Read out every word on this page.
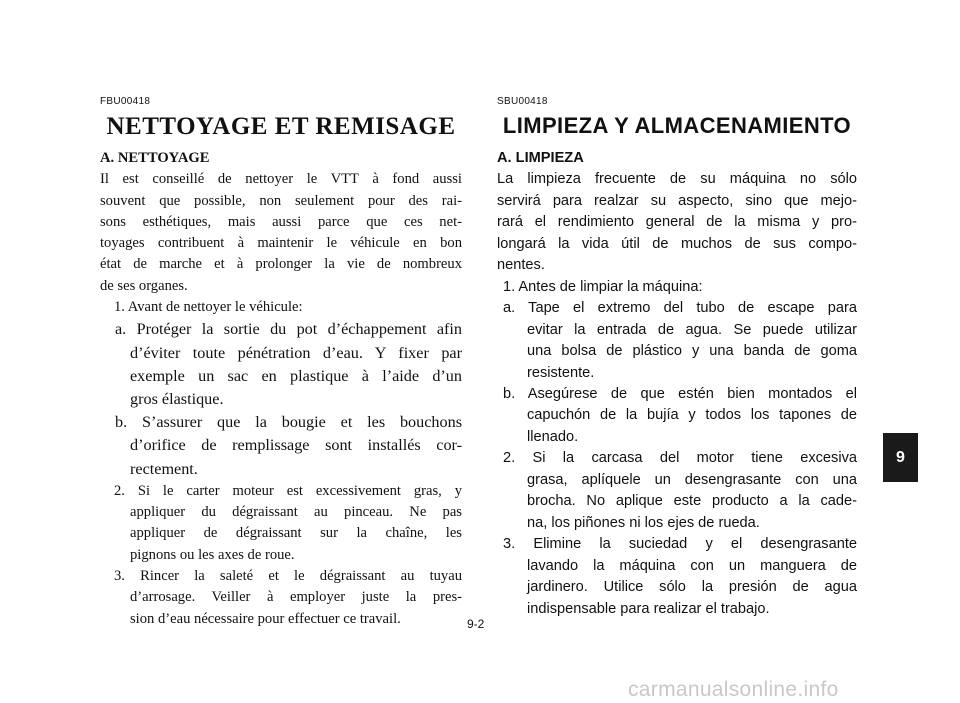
FBU00418
NETTOYAGE ET REMISAGE
A. NETTOYAGE
Il est conseillé de nettoyer le VTT à fond aussi
souvent que possible, non seulement pour des rai-
sons esthétiques, mais aussi parce que ces net-
toyages contribuent à maintenir le véhicule en bon
état de marche et à prolonger la vie de nombreux
de ses organes.
1. Avant de nettoyer le véhicule:
a. Protéger la sortie du pot d’échappement afin
d’éviter toute pénétration d’eau. Y fixer par
exemple un sac en plastique à l’aide d’un
gros élastique.
b. S’assurer que la bougie et les bouchons
d’orifice de remplissage sont installés cor-
rectement.
2. Si le carter moteur est excessivement gras, y
appliquer du dégraissant au pinceau. Ne pas
appliquer de dégraissant sur la chaîne, les
pignons ou les axes de roue.
3. Rincer la saleté et le dégraissant au tuyau
d’arrosage. Veiller à employer juste la pres-
sion d’eau nécessaire pour effectuer ce travail.
SBU00418
LIMPIEZA Y ALMACENAMIENTO
A. LIMPIEZA
La limpieza frecuente de su máquina no sólo
servirá para realzar su aspecto, sino que mejo-
rará el rendimiento general de la misma y pro-
longará la vida útil de muchos de sus compo-
nentes.
1. Antes de limpiar la máquina:
a. Tape el extremo del tubo de escape para
evitar la entrada de agua. Se puede utilizar
una bolsa de plástico y una banda de goma
resistente.
b. Asegúrese de que estén bien montados el
capuchón de la bujía y todos los tapones de
llenado.
2. Si la carcasa del motor tiene excesiva
grasa, aplíquele un desengrasante con una
brocha. No aplique este producto a la cade-
na, los piñones ni los ejes de rueda.
3. Elimine la suciedad y el desengrasante
lavando la máquina con un manguera de
jardinero. Utilice sólo la presión de agua
indispensable para realizar el trabajo.
9-2
9
carmanualsonline.info
